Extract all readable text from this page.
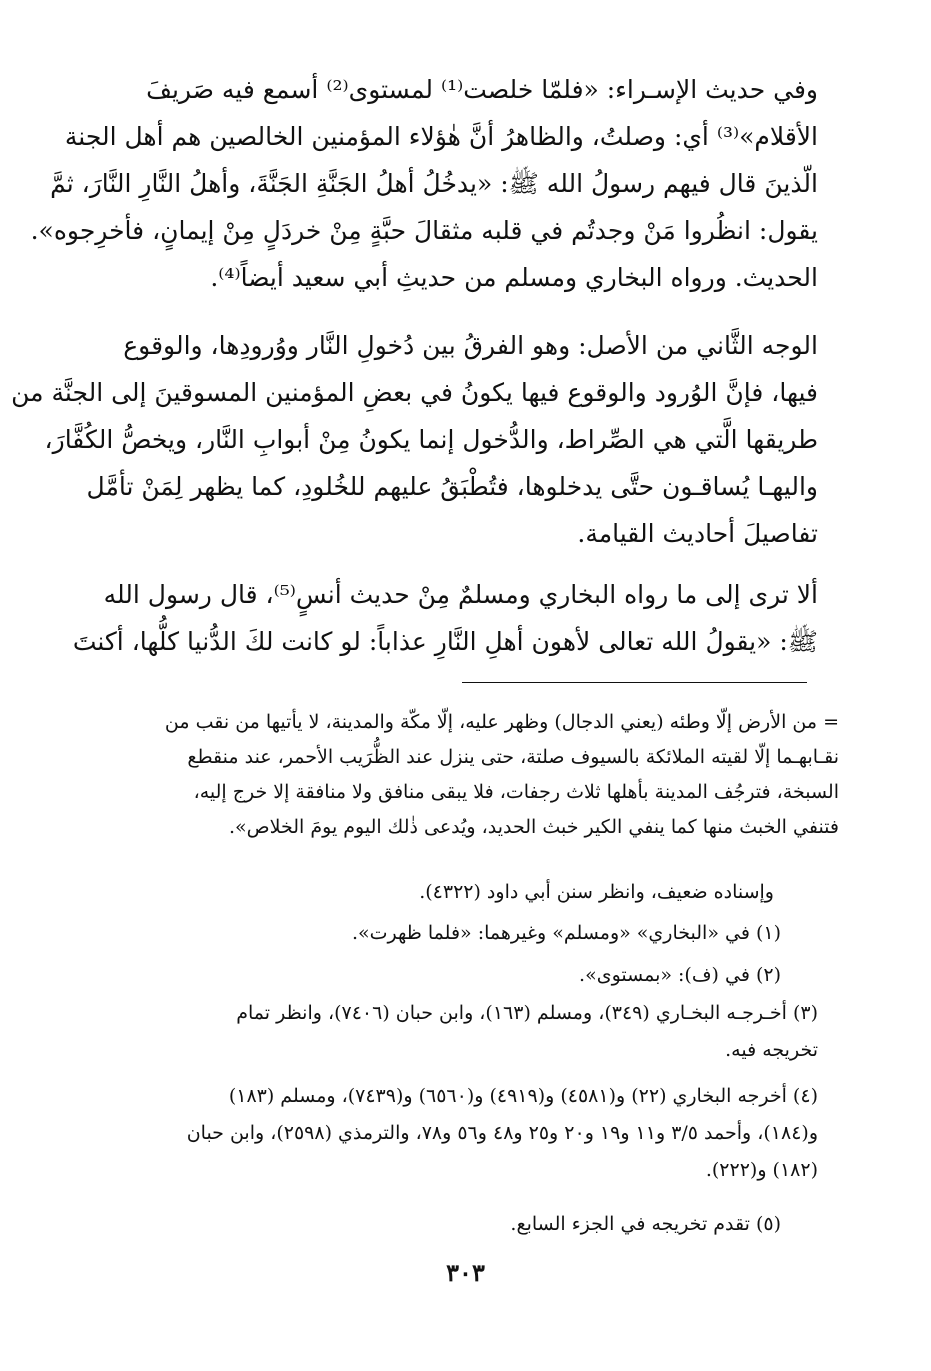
وفي حديث الإسـراء: «فلمّا خلصت⁽¹⁾ لمستوى⁽²⁾ أسمع فيه صَريفَ
الأقلام»⁽³⁾ أي: وصلتُ، والظاهرُ أنَّ هٰؤلاء المؤمنين الخالصين هم أهل الجنة
الّذينَ قال فيهم رسولُ الله ﷺ: «يدخُلُ أهلُ الجَنَّةِ الجَنَّةَ، وأهلُ النَّارِ النَّارَ، ثمَّ
يقول: انظُروا مَنْ وجدتُم في قلبه مثقالَ حبَّةٍ مِنْ خردَلٍ مِنْ إيمانٍ، فأخرِجوه».
الحديث. ورواه البخاري ومسلم من حديثِ أبي سعيد أيضاً⁽⁴⁾.
الوجه الثَّاني من الأصل: وهو الفرقُ بين دُخولِ النَّار ووُرودِها، والوقوع
فيها، فإنَّ الوُرود والوقوع فيها يكونُ في بعضِ المؤمنين المسوقينَ إلى الجنَّة من
طريقها الَّتي هي الصِّراط، والدُّخول إنما يكونُ مِنْ أبوابِ النَّار، ويخصُّ الكُفَّارَ،
واليهـا يُساقـون حتَّى يدخلوها، فتُطْبَقُ عليهم للخُلودِ، كما يظهر لِمَنْ تأمَّل
تفاصيلَ أحاديث القيامة.
ألا ترى إلى ما رواه البخاري ومسلمٌ مِنْ حديث أنسٍ⁽⁵⁾، قال رسول الله
ﷺ: «يقولُ الله تعالى لأهون أهلِ النَّارِ عذاباً: لو كانت لكَ الدُّنيا كلُّها، أكنتَ
= من الأرض إلّا وطئه (يعني الدجال) وظهر عليه، إلّا مكّة والمدينة، لا يأتيها من نقب من
نقـابهـما إلّا لقيته الملائكة بالسيوف صلتة، حتى ينزل عند الظُّرَيب الأحمر، عند منقطع
السبخة، فترجُف المدينة بأهلها ثلاث رجفات، فلا يبقى منافق ولا منافقة إلا خرج إليه،
فتنفي الخبث منها كما ينفي الكير خبث الحديد، ويُدعى ذٰلك اليوم يومَ الخلاص».
وإسناده ضعيف، وانظر سنن أبي داود (٤٣٢٢).
(١) في «البخاري» «ومسلم» وغيرهما: «فلما ظهرت».
(٢) في (ف): «بمستوى».
(٣) أخـرجـه البخـاري (٣٤٩)، ومسلم (١٦٣)، وابن حبان (٧٤٠٦)، وانظر تمام
تخريجه فيه.
(٤) أخرجه البخاري (٢٢) و(٤٥٨١) و(٤٩١٩) و(٦٥٦٠) و(٧٤٣٩)، ومسلم (١٨٣)
و(١٨٤)، وأحمد ٣/٥ و١١ و١٩ و٢٠ و٢٥ و٤٨ و٥٦ و٧٨، والترمذي (٢٥٩٨)، وابن حبان
(١٨٢) و(٢٢٢).
(٥) تقدم تخريجه في الجزء السابع.
٣٠٣
